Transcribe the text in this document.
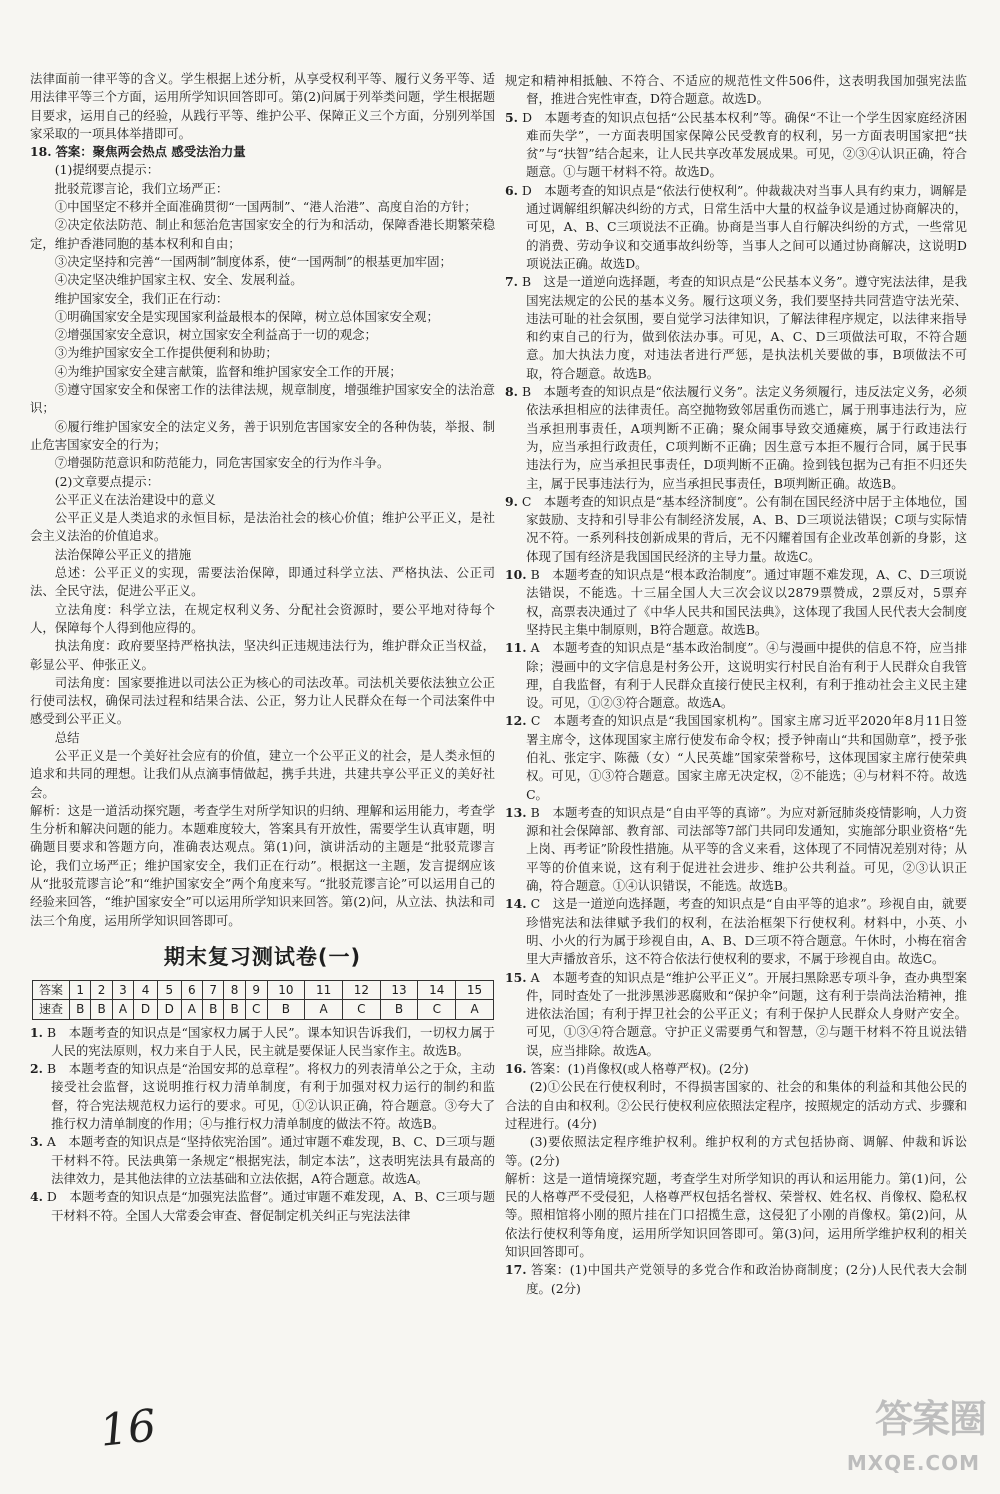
法律面前一律平等的含义。学生根据上述分析，从享受权利平等、履行义务平等、适用法律平等三个方面，运用所学知识回答即可。第(2)问属于列举类问题，学生根据题目要求，运用自己的经验，从践行平等、维护公平、保障正义三个方面，分别列举国家采取的一项具体举措即可。

18. 答案：聚焦两会热点 感受法治力量

(1)提纲要点提示：

批驳荒谬言论，我们立场严正：

①中国坚定不移并全面准确贯彻“一国两制”、“港人治港”、高度自治的方针；

②决定依法防范、制止和惩治危害国家安全的行为和活动，保障香港长期繁荣稳定，维护香港同胞的基本权利和自由；

③决定坚持和完善“一国两制”制度体系，使“一国两制”的根基更加牢固；

④决定坚决维护国家主权、安全、发展利益。

维护国家安全，我们正在行动：

①明确国家安全是实现国家利益最根本的保障，树立总体国家安全观；

②增强国家安全意识，树立国家安全利益高于一切的观念；

③为维护国家安全工作提供便利和协助；

④为维护国家安全建言献策，监督和维护国家安全工作的开展；

⑤遵守国家安全和保密工作的法律法规，规章制度，增强维护国家安全的法治意识；

⑥履行维护国家安全的法定义务，善于识别危害国家安全的各种伪装，举报、制止危害国家安全的行为；

⑦增强防范意识和防范能力，同危害国家安全的行为作斗争。

(2)文章要点提示：

公平正义在法治建设中的意义

公平正义是人类追求的永恒目标，是法治社会的核心价值；维护公平正义，是社会主义法治的价值追求。

法治保障公平正义的措施

总述：公平正义的实现，需要法治保障，即通过科学立法、严格执法、公正司法、全民守法，促进公平正义。

立法角度：科学立法，在规定权利义务、分配社会资源时，要公平地对待每个人，保障每个人得到他应得的。

执法角度：政府要坚持严格执法，坚决纠正违规违法行为，维护群众正当权益，彰显公平、伸张正义。

司法角度：国家要推进以司法公正为核心的司法改革。司法机关要依法独立公正行使司法权，确保司法过程和结果合法、公正，努力让人民群众在每一个司法案件中感受到公平正义。

总结

公平正义是一个美好社会应有的价值，建立一个公平正义的社会，是人类永恒的追求和共同的理想。让我们从点滴事情做起，携手共进，共建共享公平正义的美好社会。

解析：这是一道活动探究题，考查学生对所学知识的归纳、理解和运用能力，考查学生分析和解决问题的能力。本题难度较大，答案具有开放性，需要学生认真审题，明确题目要求和答题方向，准确表达观点。第(1)问，演讲活动的主题是“批驳荒谬言论，我们立场严正；维护国家安全，我们正在行动”。根据这一主题，发言提纲应该从“批驳荒谬言论”和“维护国家安全”两个角度来写。“批驳荒谬言论”可以运用自己的经验来回答，“维护国家安全”可以运用所学知识来回答。第(2)问，从立法、执法和司法三个角度，运用所学知识回答即可。

期末复习测试卷(一)
答案	1	2	3	4	5	6	7	8	9	10	11	12	13	14	15
速查	B	B	A	D	D	A	B	B	C	B	A	C	B	C	A

1. B　本题考查的知识点是“国家权力属于人民”。课本知识告诉我们，一切权力属于人民的宪法原则，权力来自于人民，民主就是要保证人民当家作主。故选B。

2. B　本题考查的知识点是“治国安邦的总章程”。将权力的列表清单公之于众，主动接受社会监督，这说明推行权力清单制度，有利于加强对权力运行的制约和监督，符合宪法规范权力运行的要求。可见，①②认识正确，符合题意。③夸大了推行权力清单制度的作用；④与推行权力清单制度的做法不符。故选B。

3. A　本题考查的知识点是“坚持依宪治国”。通过审题不难发现，B、C、D三项与题干材料不符。民法典第一条规定“根据宪法，制定本法”，这表明宪法具有最高的法律效力，是其他法律的立法基础和立法依据，A符合题意。故选A。

4. D　本题考查的知识点是“加强宪法监督”。通过审题不难发现，A、B、C三项与题干材料不符。全国人大常委会审查、督促制定机关纠正与宪法法律

规定和精神相抵触、不符合、不适应的规范性文件506件，这表明我国加强宪法监督，推进合宪性审查，D符合题意。故选D。

5. D　本题考查的知识点包括“公民基本权利”等。确保“不让一个学生因家庭经济困难而失学”，一方面表明国家保障公民受教育的权利，另一方面表明国家把“扶贫”与“扶智”结合起来，让人民共享改革发展成果。可见，②③④认识正确，符合题意。①与题干材料不符。故选D。

6. D　本题考查的知识点是“依法行使权利”。仲裁裁决对当事人具有约束力，调解是通过调解组织解决纠纷的方式，日常生活中大量的权益争议是通过协商解决的，可见，A、B、C三项说法不正确。协商是当事人自行解决纠纷的方式，一些常见的消费、劳动争议和交通事故纠纷等，当事人之间可以通过协商解决，这说明D项说法正确。故选D。

7. B　这是一道逆向选择题，考查的知识点是“公民基本义务”。遵守宪法法律，是我国宪法规定的公民的基本义务。履行这项义务，我们要坚持共同营造守法光荣、违法可耻的社会氛围，要自觉学习法律知识，了解法律程序规定，以法律来指导和约束自己的行为，做到依法办事。可见，A、C、D三项做法可取，不符合题意。加大执法力度，对违法者进行严惩，是执法机关要做的事，B项做法不可取，符合题意。故选B。

8. B　本题考查的知识点是“依法履行义务”。法定义务须履行，违反法定义务，必须依法承担相应的法律责任。高空抛物致邻居重伤而逃亡，属于刑事违法行为，应当承担刑事责任，A项判断不正确；聚众闹事导致交通瘫痪，属于行政违法行为，应当承担行政责任，C项判断不正确；因生意亏本拒不履行合同，属于民事违法行为，应当承担民事责任，D项判断不正确。捡到钱包据为己有拒不归还失主，属于民事违法行为，应当承担民事责任，B项判断正确。故选B。

9. C　本题考查的知识点是“基本经济制度”。公有制在国民经济中居于主体地位，国家鼓励、支持和引导非公有制经济发展，A、B、D三项说法错误；C项与实际情况不符。一系列科技创新成果的背后，无不闪耀着国有企业改革创新的身影，这体现了国有经济是我国国民经济的主导力量。故选C。

10. B　本题考查的知识点是“根本政治制度”。通过审题不难发现，A、C、D三项说法错误，不能选。十三届全国人大三次会议以2879票赞成，2票反对，5票弃权，高票表决通过了《中华人民共和国民法典》，这体现了我国人民代表大会制度坚持民主集中制原则，B符合题意。故选B。

11. A　本题考查的知识点是“基本政治制度”。④与漫画中提供的信息不符，应当排除；漫画中的文字信息是村务公开，这说明实行村民自治有利于人民群众自我管理，自我监督，有利于人民群众直接行使民主权利，有利于推动社会主义民主建设。可见，①②③符合题意。故选A。

12. C　本题考查的知识点是“我国国家机构”。国家主席习近平2020年8月11日签署主席令，这体现国家主席行使发布命令权；授予钟南山“共和国勋章”，授予张伯礼、张定宇、陈薇（女）“人民英雄”国家荣誉称号，这体现国家主席行使荣典权。可见，①③符合题意。国家主席无决定权，②不能选；④与材料不符。故选C。

13. B　本题考查的知识点是“自由平等的真谛”。为应对新冠肺炎疫情影响，人力资源和社会保障部、教育部、司法部等7部门共同印发通知，实施部分职业资格“先上岗、再考证”阶段性措施。从平等的含义来看，这体现了不同情况差别对待；从平等的价值来说，这有利于促进社会进步、维护公共利益。可见，②③认识正确，符合题意。①④认识错误，不能选。故选B。

14. C　这是一道逆向选择题，考查的知识点是“自由平等的追求”。珍视自由，就要珍惜宪法和法律赋予我们的权利，在法治框架下行使权利。材料中，小英、小明、小火的行为属于珍视自由，A、B、D三项不符合题意。午休时，小梅在宿舍里大声播放音乐，这不符合依法行使权利的要求，不属于珍视自由。故选C。

15. A　本题考查的知识点是“维护公平正义”。开展扫黑除恶专项斗争，查办典型案件，同时查处了一批涉黑涉恶腐败和“保护伞”问题，这有利于崇尚法治精神，推进依法治国；有利于捍卫社会的公平正义；有利于保护人民群众人身财产安全。可见，①③④符合题意。守护正义需要勇气和智慧，②与题干材料不符且说法错误，应当排除。故选A。

16. 答案：(1)肖像权(或人格尊严权)。(2分)

(2)①公民在行使权利时，不得损害国家的、社会的和集体的利益和其他公民的合法的自由和权利。②公民行使权利应依照法定程序，按照规定的活动方式、步骤和过程进行。(4分)

(3)要依照法定程序维护权利。维护权利的方式包括协商、调解、仲裁和诉讼等。(2分)

解析：这是一道情境探究题，考查学生对所学知识的再认和运用能力。第(1)问，公民的人格尊严不受侵犯，人格尊严权包括名誉权、荣誉权、姓名权、肖像权、隐私权等。照相馆将小刚的照片挂在门口招揽生意，这侵犯了小刚的肖像权。第(2)问，从依法行使权利等角度，运用所学知识回答即可。第(3)问，运用所学维护权利的相关知识回答即可。

17. 答案：(1)中国共产党领导的多党合作和政治协商制度；(2分)人民代表大会制度。(2分)

16	答案圈
MXQE.COM
